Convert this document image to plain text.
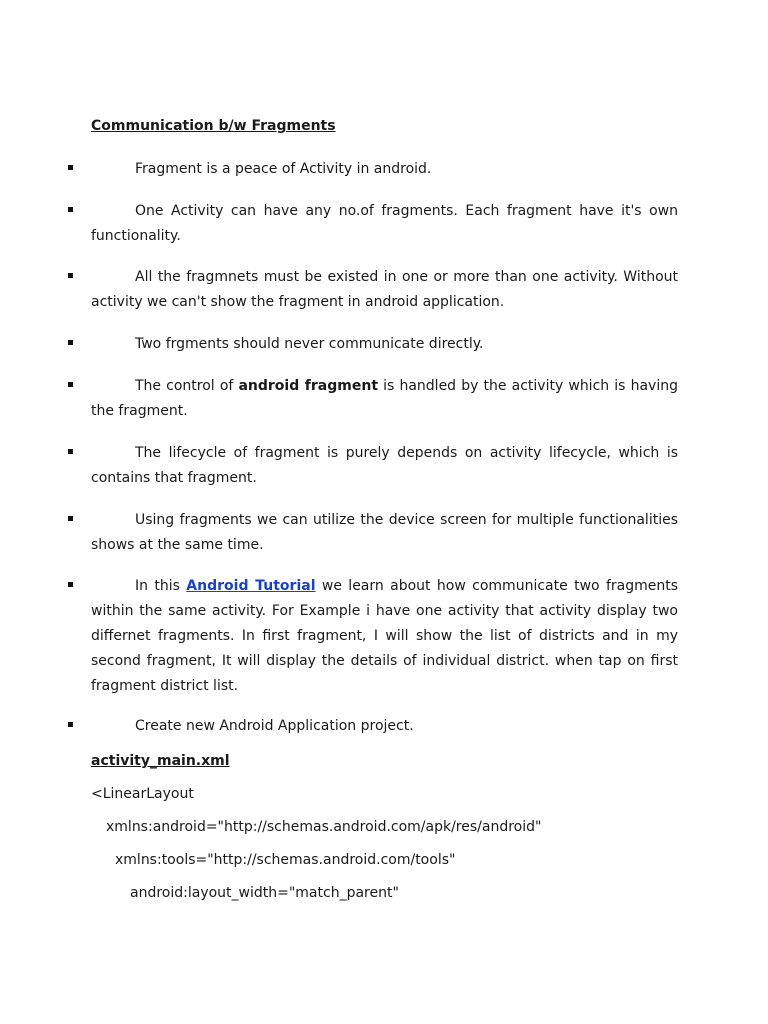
Communication b/w Fragments
Fragment is a peace of Activity in android.
One Activity can have any no.of fragments. Each fragment have it's own functionality.
All the fragmnets must be existed in one or more than one activity. Without activity we can't show the fragment in android application.
Two frgments should never communicate directly.
The control of android fragment is handled by the activity which is having the fragment.
The lifecycle of fragment is purely depends on activity lifecycle, which is contains that fragment.
Using fragments we can utilize the device screen for multiple functionalities shows at the same time.
In this Android Tutorial we learn about how communicate two fragments within the same activity. For Example i have one activity that activity display two differnet fragments. In first fragment, I will show the list of districts and in my second fragment, It will display the details of individual district. when tap on first fragment district list.
Create new Android Application project.
activity_main.xml
<LinearLayout
xmlns:android="http://schemas.android.com/apk/res/android"
xmlns:tools="http://schemas.android.com/tools"
android:layout_width="match_parent"
